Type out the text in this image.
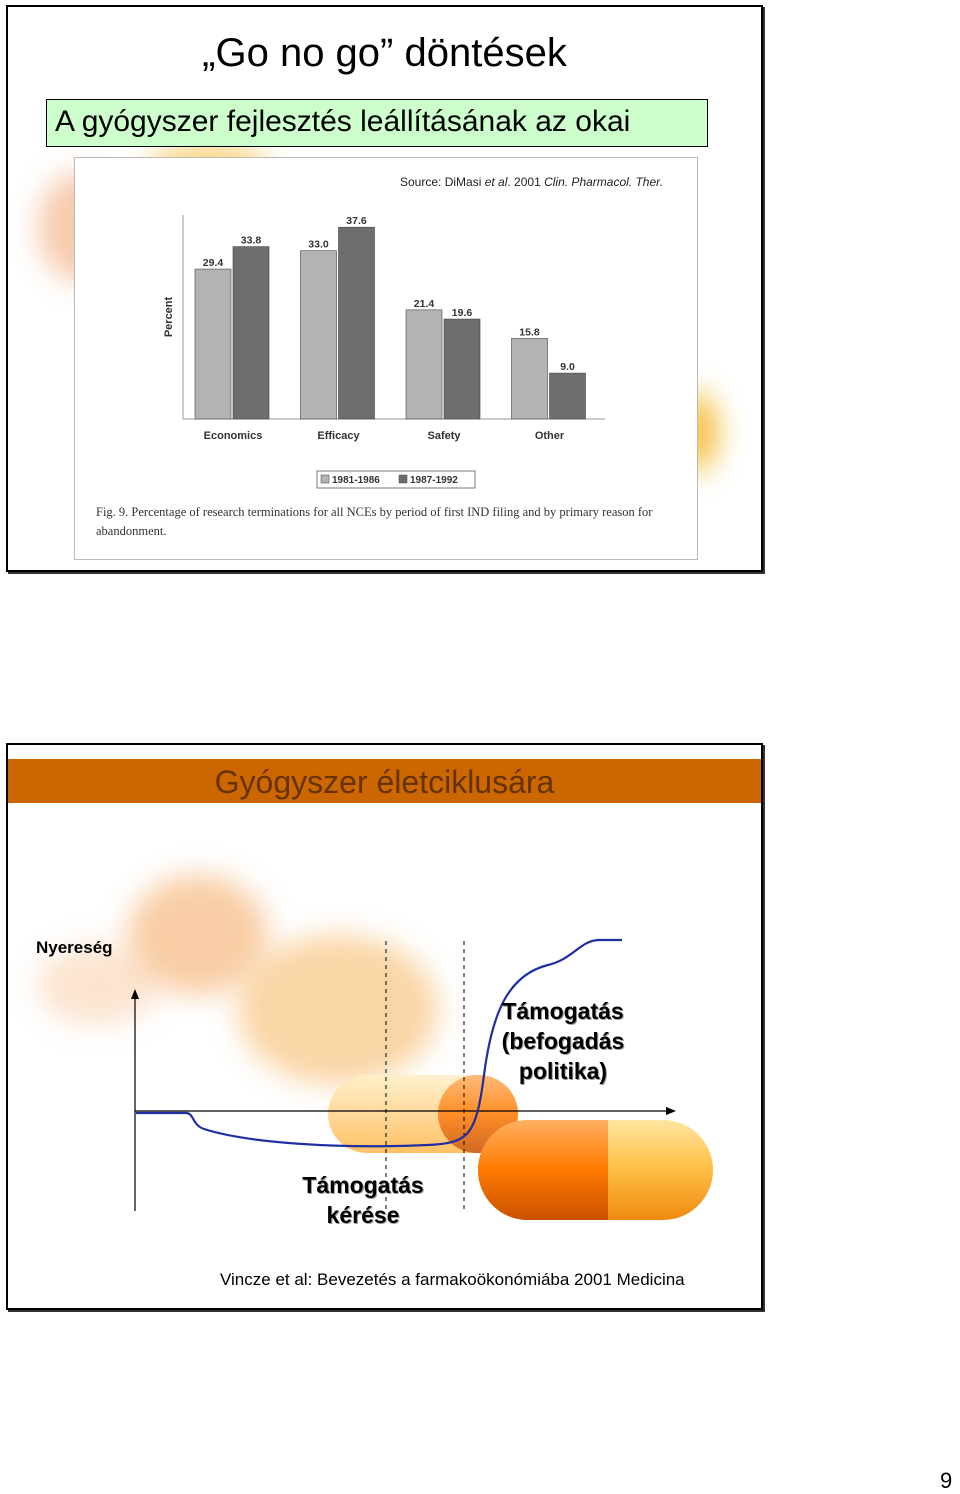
„Go no go” döntések
A gyógyszer fejlesztés leállításának az okai
Source: DiMasi et al. 2001 Clin. Pharmacol. Ther.
Percent
29.4
33.8
Economics
33.0
37.6
Efficacy
21.4
19.6
Safety
15.8
9.0
Other
1981-1986	1987-1992
Fig. 9. Percentage of research terminations for all NCEs by period of first IND filing and by primary reason for abandonment.
Gyógyszer életciklusára
Nyereség
Támogatás
(befogadás
politika)
Támogatás
kérése
Vincze et al: Bevezetés a farmakoökonómiába 2001 Medicina
9
